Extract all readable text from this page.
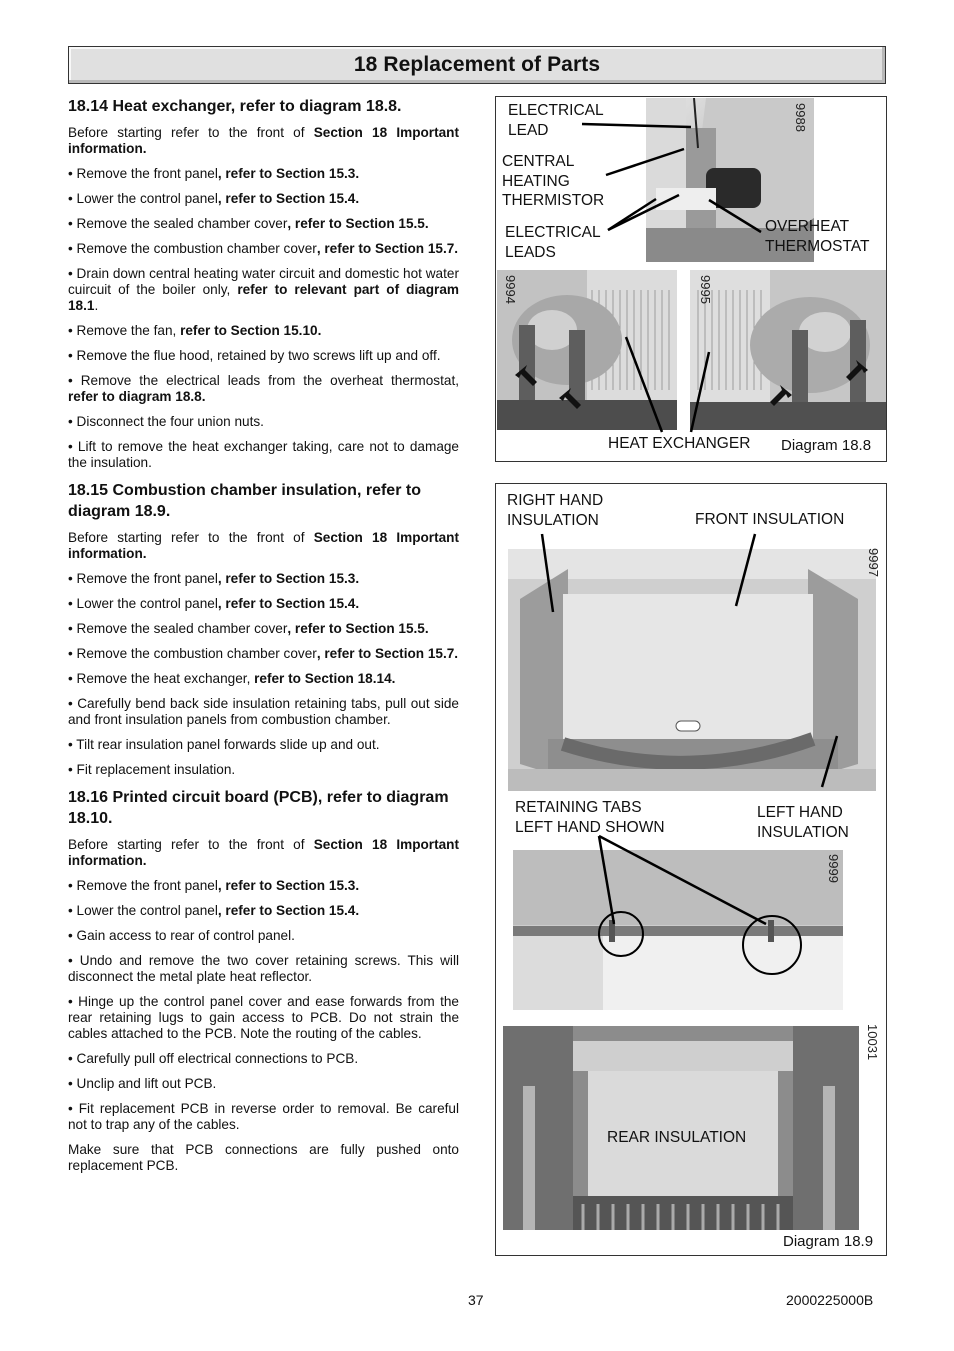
18 Replacement of Parts
18.14 Heat exchanger, refer to diagram 18.8.

Before starting refer to the front of Section 18 Important information.

• Remove the front panel, refer to Section 15.3.

• Lower the control panel, refer to Section 15.4.

• Remove the sealed chamber cover, refer to Section 15.5.

• Remove the combustion chamber cover, refer to Section 15.7.

• Drain down central heating water circuit and domestic hot water cuircuit of the boiler only, refer to relevant part of diagram 18.1.

• Remove the fan, refer to Section 15.10.

• Remove the flue hood, retained by two screws lift up and off.

• Remove the electrical leads from the overheat thermostat, refer to diagram 18.8.

• Disconnect the four union nuts.

• Lift to remove the heat exchanger taking, care not to damage the insulation.

18.15 Combustion chamber insulation, refer to diagram 18.9.

Before starting refer to the front of Section 18 Important information.

• Remove the front panel, refer to Section 15.3.

• Lower the control panel, refer to Section 15.4.

• Remove the sealed chamber cover, refer to Section 15.5.

• Remove the combustion chamber cover, refer to Section 15.7.

• Remove the heat exchanger, refer to Section 18.14.

• Carefully bend back side insulation retaining tabs, pull out side and front insulation panels from combustion chamber.

• Tilt rear insulation panel forwards slide up and out.

• Fit replacement insulation.

18.16 Printed circuit board (PCB), refer to diagram 18.10.

Before starting refer to the front of Section 18 Important information.

• Remove the front panel, refer to Section 15.3.

• Lower the control panel, refer to Section 15.4.

• Gain access to rear of control panel.

• Undo and remove the two cover retaining screws. This will disconnect the metal plate heat reflector.

• Hinge up the control panel cover and ease forwards from the rear retaining lugs to gain access to PCB. Do not strain the cables attached to the PCB. Note the routing of the cables.

• Carefully pull off electrical connections to PCB.

• Unclip and lift out PCB.

• Fit replacement PCB in reverse order to removal. Be careful not to trap any of the cables.

Make sure that PCB connections are fully pushed onto replacement PCB.

9988
9994	9995
ELECTRICAL
LEAD
CENTRAL
HEATING
THERMISTOR
ELECTRICAL
LEADS
OVERHEAT
THERMOSTAT
HEAT EXCHANGER Diagram 18.8
9997
9999
10031
RIGHT HAND
INSULATION	FRONT INSULATION
RETAINING TABS
LEFT HAND SHOWN
LEFT HAND
INSULATION
REAR INSULATION
Diagram 18.9
37	2000225000B
